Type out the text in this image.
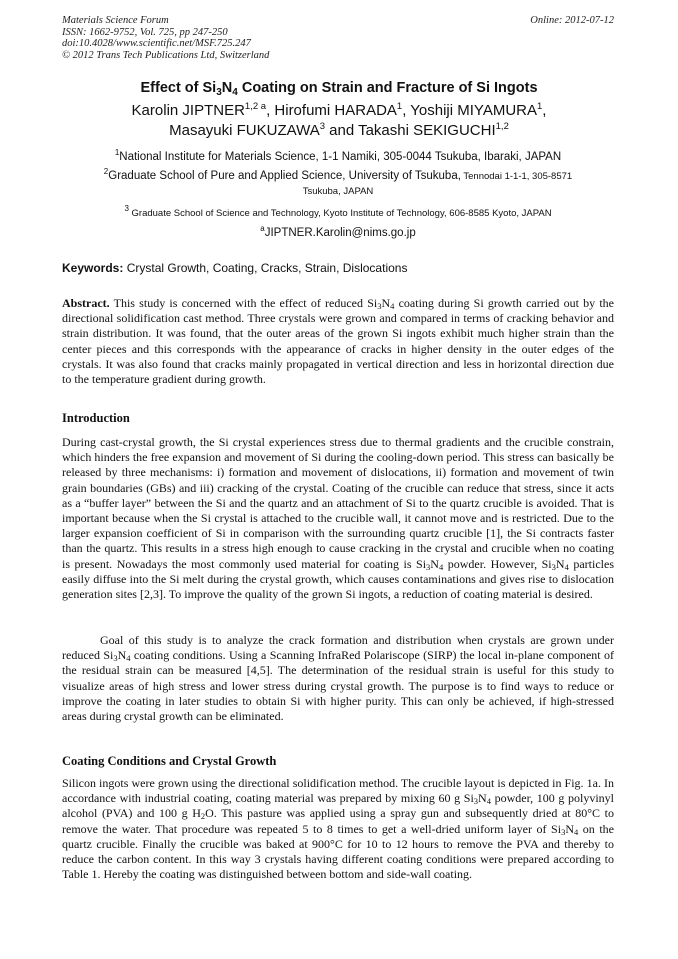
Materials Science Forum
ISSN: 1662-9752, Vol. 725, pp 247-250
doi:10.4028/www.scientific.net/MSF.725.247
© 2012 Trans Tech Publications Ltd, Switzerland
Online: 2012-07-12
Effect of $Si_3N_4$ Coating on Strain and Fracture of Si Ingots
Karolin $JIPTNER^{1,2 a}$, Hirofumi HARADA$^1$, Yoshiji MIYAMURA$^1$,
Masayuki FUKUZAWA$^3$ and Takashi SEKIGUCHI$^{1,2}$
$^1$National Institute for Materials Science, 1-1 Namiki, 305-0044 Tsukuba, Ibaraki, JAPAN
$^2$Graduate School of Pure and Applied Science, University of Tsukuba, Tennodai 1-1-1, 305-8571
Tsukuba, JAPAN
$^3$ Graduate School of Science and Technology, Kyoto Institute of Technology, 606-8585 Kyoto, JAPAN
$^a$JIPTNER.Karolin@nims.go.jp
Keywords: Crystal Growth, Coating, Cracks, Strain, Dislocations
Abstract. This study is concerned with the effect of reduced $Si_3N_4$ coating during Si growth carried out by the directional solidification cast method. Three crystals were grown and compared in terms of cracking behavior and strain distribution. It was found, that the outer areas of the grown Si ingots exhibit much higher strain than the center pieces and this corresponds with the appearance of cracks in higher density in the outer edges of the crystals. It was also found that cracks mainly propagated in vertical direction and less in horizontal direction due to the temperature gradient during growth.
Introduction
During cast-crystal growth, the Si crystal experiences stress due to thermal gradients and the crucible constrain, which hinders the free expansion and movement of Si during the cooling-down period. This stress can basically be released by three mechanisms: i) formation and movement of dislocations, ii) formation and movement of twin grain boundaries (GBs) and iii) cracking of the crystal. Coating of the crucible can reduce that stress, since it acts as a “buffer layer” between the Si and the quartz and an attachment of Si to the quartz crucible is avoided. That is important because when the Si crystal is attached to the crucible wall, it cannot move and is restricted. Due to the larger expansion coefficient of Si in comparison with the surrounding quartz crucible [1], the Si contracts faster than the quartz. This results in a stress high enough to cause cracking in the crystal and crucible when no coating is present. Nowadays the most commonly used material for coating is $Si_3N_4$ powder. However, $Si_3N_4$ particles easily diffuse into the Si melt during the crystal growth, which causes contaminations and gives rise to dislocation generation sites [2,3]. To improve the quality of the grown Si ingots, a reduction of coating material is desired.
Goal of this study is to analyze the crack formation and distribution when crystals are grown under reduced $Si_3N_4$ coating conditions. Using a Scanning InfraRed Polariscope (SIRP) the local in-plane component of the residual strain can be measured [4,5]. The determination of the residual strain is useful for this study to visualize areas of high stress and lower stress during crystal growth. The purpose is to find ways to reduce or improve the coating in later studies to obtain Si with higher purity. This can only be achieved, if high-stressed areas during crystal growth can be eliminated.
Coating Conditions and Crystal Growth
Silicon ingots were grown using the directional solidification method. The crucible layout is depicted in Fig. 1a. In accordance with industrial coating, coating material was prepared by mixing 60 g $Si_3N_4$ powder, 100 g polyvinyl alcohol (PVA) and 100 g $H_2O$. This pasture was applied using a spray gun and subsequently dried at 80°C to remove the water. That procedure was repeated 5 to 8 times to get a well-dried uniform layer of $Si_3N_4$ on the quartz crucible. Finally the crucible was baked at 900°C for 10 to 12 hours to remove the PVA and thereby to reduce the carbon content. In this way 3 crystals having different coating conditions were prepared according to Table 1. Hereby the coating was distinguished between bottom and side-wall coating.
